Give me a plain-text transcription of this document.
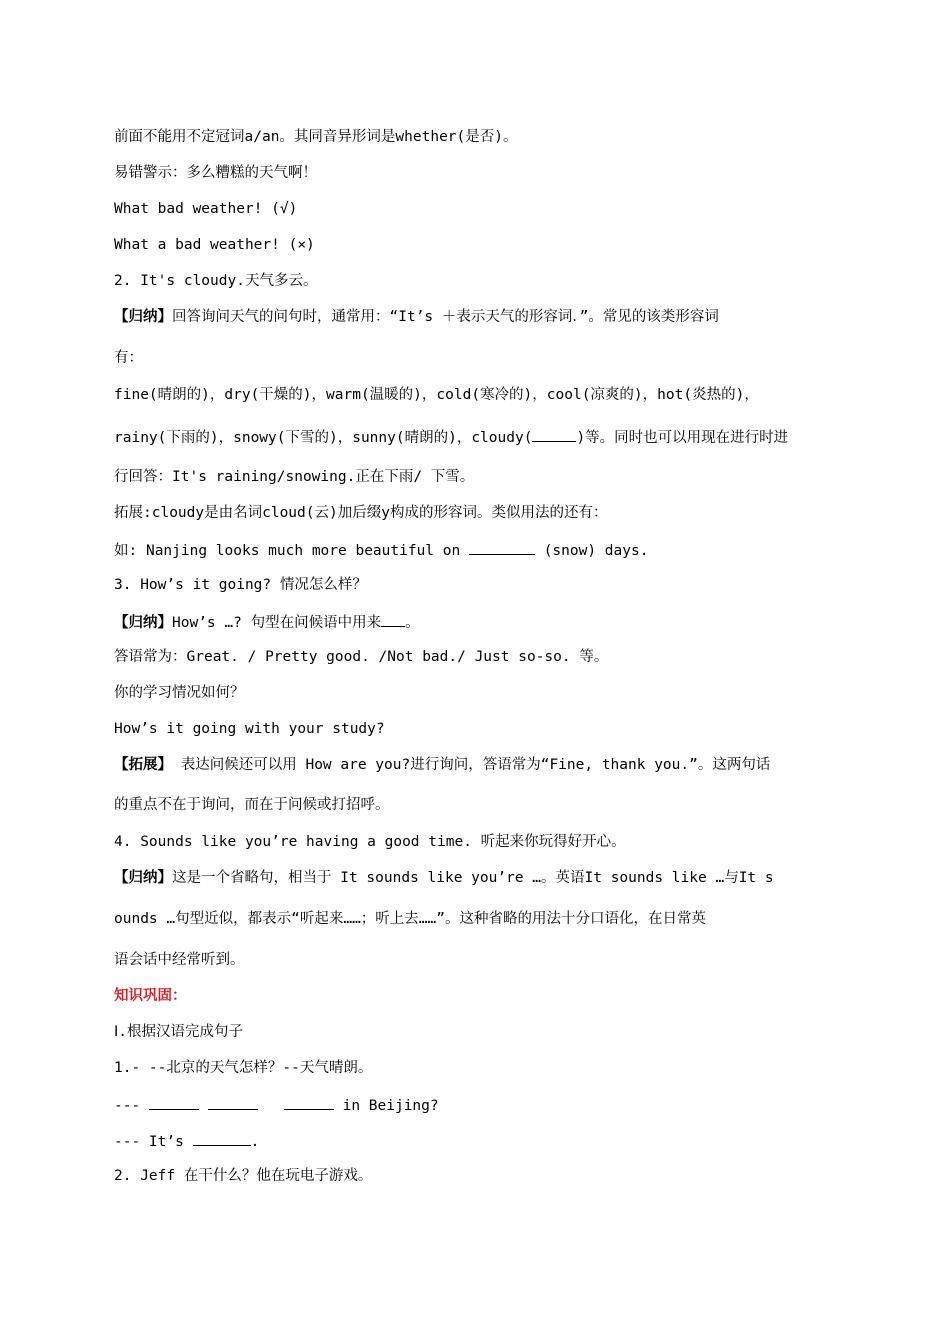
前面不能用不定冠词a/an。其同音异形词是whether(是否)。
易错警示：多么糟糕的天气啊！
What bad weather! (√)
What a bad weather! (×)
2. It's cloudy.天气多云。
【归纳】回答询问天气的问句时，通常用：“It’s ＋表示天气的形容词．”。常见的该类形容词
有：
fine(晴朗的)，dry(干燥的)，warm(温暖的)，cold(寒冷的)，cool(凉爽的)，hot(炎热的)，
rainy(下雨的)，snowy(下雪的)，sunny(晴朗的)，cloudy(	)等。同时也可以用现在进行时进
行回答：It's raining/snowing.正在下雨/ 下雪。
拓展:cloudy是由名词cloud(云)加后缀y构成的形容词。类似用法的还有：
如: Nanjing looks much more beautiful on	(snow) days.
3. How’s it going? 情况怎么样？
【归纳】How’s …? 句型在问候语中用来 。
答语常为：Great. / Pretty good. /Not bad./ Just so-so. 等。
你的学习情况如何？
How’s it going with your study?
【拓展】 表达问候还可以用 How are you?进行询问，答语常为“Fine, thank you.”。这两句话
的重点不在于询问，而在于问候或打招呼。
4. Sounds like you’re having a good time. 听起来你玩得好开心。
【归纳】这是一个省略句，相当于 It sounds like you’re …。英语It sounds like …与It s
ounds …句型近似，都表示“听起来……；听上去……”。这种省略的用法十分口语化，在日常英
语会话中经常听到。
知识巩固：
Ⅰ.根据汉语完成句子
1.- --北京的天气怎样？--天气晴朗。
---	in Beijing?
--- It’s	.
2. Jeff 在干什么？他在玩电子游戏。
